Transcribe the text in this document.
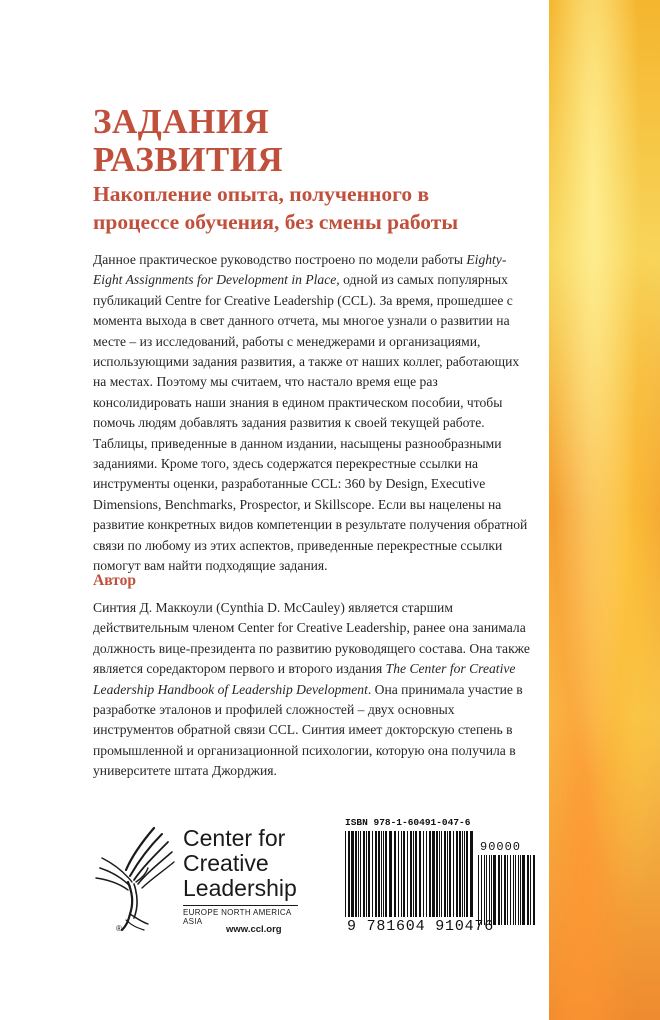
ЗАДАНИЯ
РАЗВИТИЯ
Накопление опыта, полученного в
процессе обучения, без смены работы

Данное практическое руководство построено по модели работы Eighty-Eight Assignments for Development in Place, одной из самых популярных публикаций Centre for Creative Leadership (CCL). За время, прошедшее с момента выхода в свет данного отчета, мы многое узнали о развитии на месте – из исследований, работы с менеджерами и организациями, использующими задания развития, а также от наших коллег, работающих на местах. Поэтому мы считаем, что настало время еще раз консолидировать наши знания в едином практическом пособии, чтобы помочь людям добавлять задания развития к своей текущей работе. Таблицы, приведенные в данном издании, насыщены разнообразными заданиями. Кроме того, здесь содержатся перекрестные ссылки на инструменты оценки, разработанные CCL: 360 by Design, Executive Dimensions, Benchmarks, Prospector, и Skillscope. Если вы нацелены на развитие конкретных видов компетенции в результате получения обратной связи по любому из этих аспектов, приведенные перекрестные ссылки помогут вам найти подходящие задания.

Автор

Синтия Д. Маккоули (Cynthia D. McCauley) является старшим действительным членом Center for Creative Leadership, ранее она занимала должность вице-президента по развитию руководящего состава. Она также является соредактором первого и второго издания The Center for Creative Leadership Handbook of Leadership Development. Она принимала участие в разработке эталонов и профилей сложностей – двух основных инструментов обратной связи CCL. Синтия имеет докторскую степень в промышленной и организационной психологии, которую она получила в университете штата Джорджия.

®
Center for
Creative
Leadership
EUROPE NORTH AMERICA ASIA
www.ccl.org
ISBN 978-1-60491-047-6
90000
9 781604 910476
